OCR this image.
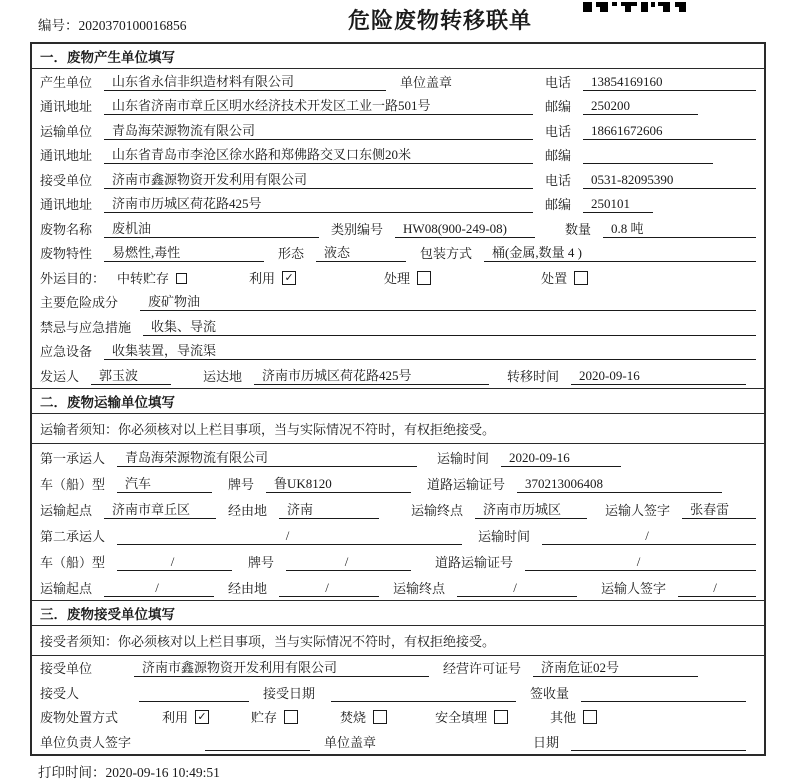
编号：2020370100016856	危险废物转移联单
一．废物产生单位填写
产生单位	山东省永信非织造材料有限公司	单位盖章	电话	13854169160
通讯地址	山东省济南市章丘区明水经济技术开发区工业一路501号	邮编	250200
运输单位	青岛海荣源物流有限公司	电话	18661672606
通讯地址	山东省青岛市李沧区徐水路和郑佛路交叉口东侧20米	邮编
接受单位	济南市鑫源物资开发利用有限公司	电话	0531-82095390
通讯地址	济南市历城区荷花路425号	邮编	250101
废物名称	废机油	类别编号	HW08(900-249-08)	数量	0.8 吨
废物特性	易燃性,毒性	形态	液态	包装方式	桶(金属,数量 4 )
外运目的： 中转贮存	利用 ✓	处理	处置
主要危险成分	废矿物油
禁忌与应急措施	收集、导流
应急设备	收集装置，导流渠
发运人	郭玉波	运达地	济南市历城区荷花路425号	转移时间	2020-09-16
二．废物运输单位填写
运输者须知：你必须核对以上栏目事项，当与实际情况不符时，有权拒绝接受。
第一承运人	青岛海荣源物流有限公司	运输时间	2020-09-16
车（船）型	汽车	牌号	鲁UK8120	道路运输证号	370213006408
运输起点	济南市章丘区	经由地	济南	运输终点	济南市历城区	运输人签字	张春雷
第二承运人	/	运输时间	/
车（船）型	/	牌号	/	道路运输证号	/
运输起点	/	经由地	/	运输终点	/	运输人签字	/
三．废物接受单位填写
接受者须知：你必须核对以上栏目事项，当与实际情况不符时，有权拒绝接受。
接受单位	济南市鑫源物资开发利用有限公司	经营许可证号	济南危证02号
接受人	接受日期	签收量
废物处置方式	利用 ✓	贮存	焚烧	安全填埋	其他
单位负责人签字	单位盖章	日期
打印时间：2020-09-16 10:49:51
